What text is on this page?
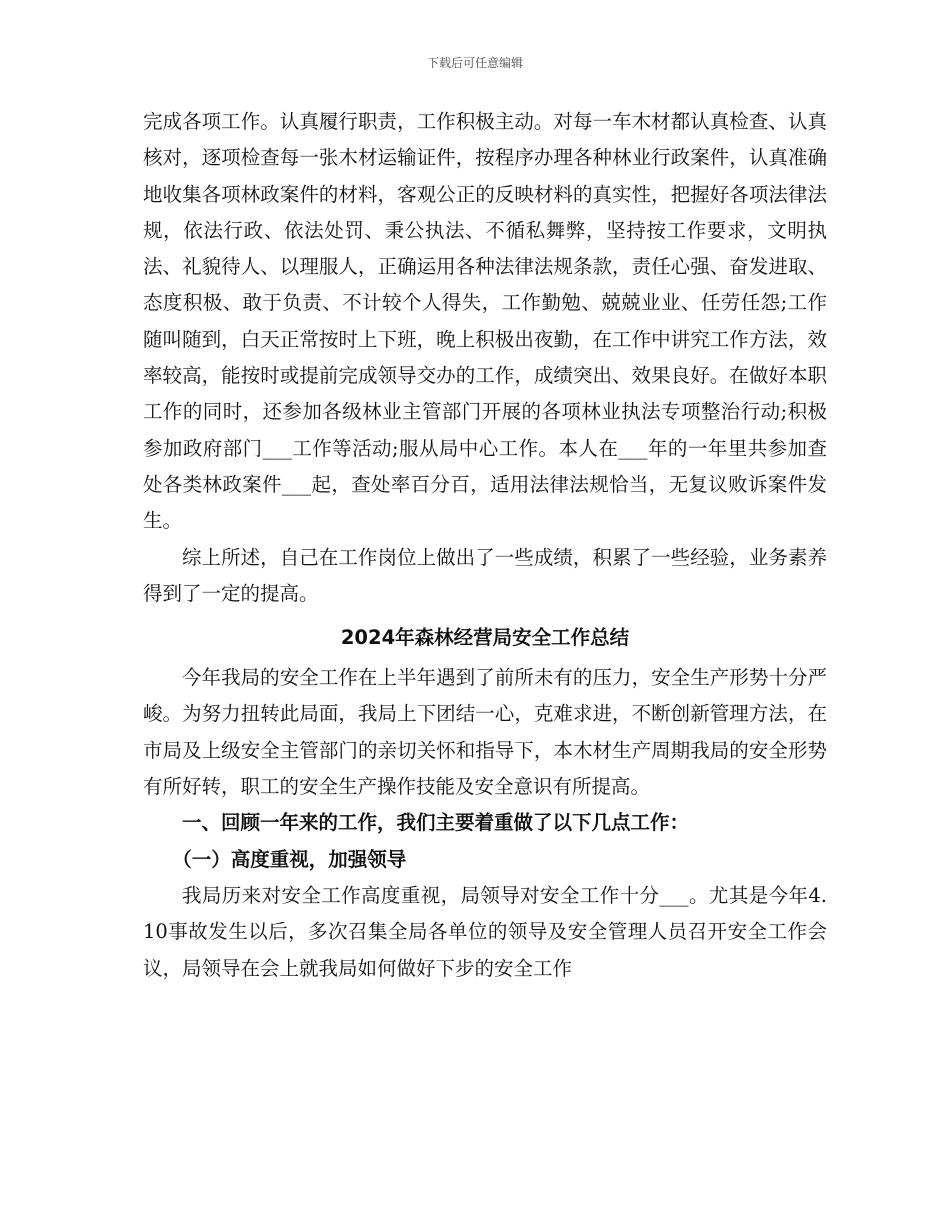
下载后可任意编辑

完成各项工作。认真履行职责，工作积极主动。对每一车木材都认真检查、认真核对，逐项检查每一张木材运输证件，按程序办理各种林业行政案件，认真准确地收集各项林政案件的材料，客观公正的反映材料的真实性，把握好各项法律法规，依法行政、依法处罚、秉公执法、不循私舞弊，坚持按工作要求，文明执法、礼貌待人、以理服人，正确运用各种法律法规条款，责任心强、奋发进取、态度积极、敢于负责、不计较个人得失，工作勤勉、兢兢业业、任劳任怨;工作随叫随到，白天正常按时上下班，晚上积极出夜勤，在工作中讲究工作方法，效率较高，能按时或提前完成领导交办的工作，成绩突出、效果良好。在做好本职工作的同时，还参加各级林业主管部门开展的各项林业执法专项整治行动;积极参加政府部门___工作等活动;服从局中心工作。本人在___年的一年里共参加查处各类林政案件___起，查处率百分百，适用法律法规恰当，无复议败诉案件发生。

综上所述，自己在工作岗位上做出了一些成绩，积累了一些经验，业务素养得到了一定的提高。

2024年森林经营局安全工作总结

今年我局的安全工作在上半年遇到了前所未有的压力，安全生产形势十分严峻。为努力扭转此局面，我局上下团结一心，克难求进，不断创新管理方法，在市局及上级安全主管部门的亲切关怀和指导下，本木材生产周期我局的安全形势有所好转，职工的安全生产操作技能及安全意识有所提高。

一、回顾一年来的工作，我们主要着重做了以下几点工作：

（一）高度重视，加强领导

我局历来对安全工作高度重视，局领导对安全工作十分___。尤其是今年4.10事故发生以后，多次召集全局各单位的领导及安全管理人员召开安全工作会议，局领导在会上就我局如何做好下步的安全工作
